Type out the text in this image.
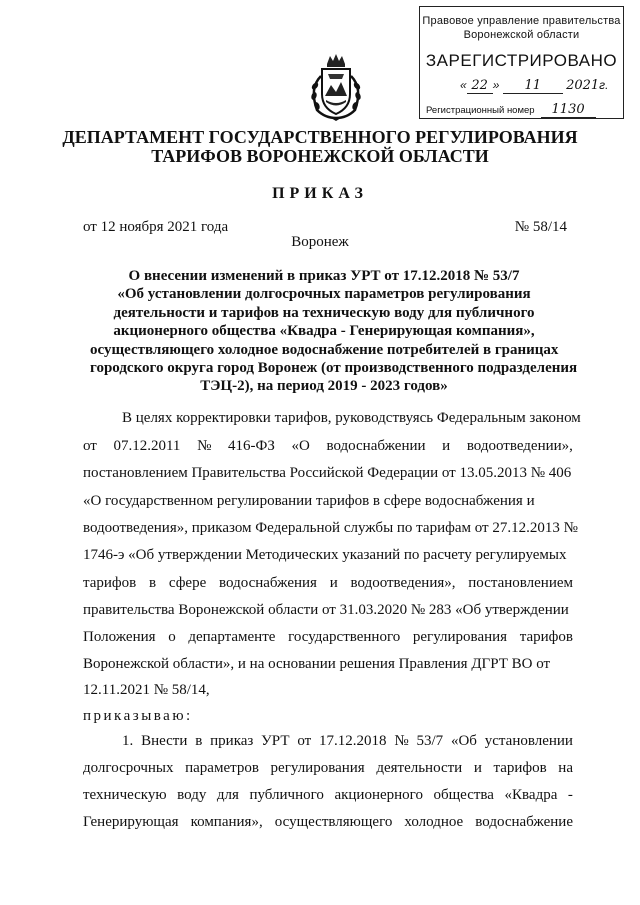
Правовое управление правительства
Воронежской области
ЗАРЕГИСТРИРОВАНО
« 22 » 11 2021г.
Регистрационный номер 1130
ДЕПАРТАМЕНТ ГОСУДАРСТВЕННОГО РЕГУЛИРОВАНИЯ
ТАРИФОВ ВОРОНЕЖСКОЙ ОБЛАСТИ
ПРИКАЗ
от 12 ноября 2021 года	№ 58/14
Воронеж
О внесении изменений в приказ УРТ от 17.12.2018 № 53/7
«Об установлении долгосрочных параметров регулирования
деятельности и тарифов на техническую воду для публичного
акционерного общества «Квадра - Генерирующая компания»,
осуществляющего холодное водоснабжение потребителей в границах
городского округа город Воронеж (от производственного подразделения
ТЭЦ-2), на период 2019 - 2023 годов»
В целях корректировки тарифов, руководствуясь Федеральным законом
от 07.12.2011 № 416-ФЗ «О водоснабжении и водоотведении»,
постановлением Правительства Российской Федерации от 13.05.2013 № 406
«О государственном регулировании тарифов в сфере водоснабжения и
водоотведения», приказом Федеральной службы по тарифам от 27.12.2013 №
1746-э «Об утверждении Методических указаний по расчету регулируемых
тарифов в сфере водоснабжения и водоотведения», постановлением
правительства Воронежской области от 31.03.2020 № 283 «Об утверждении
Положения о департаменте государственного регулирования тарифов
Воронежской области», и на основании решения Правления ДГРТ ВО от
12.11.2021 № 58/14,
приказываю:
1. Внести в приказ УРТ от 17.12.2018 № 53/7 «Об установлении
долгосрочных параметров регулирования деятельности и тарифов на
техническую воду для публичного акционерного общества «Квадра -
Генерирующая компания», осуществляющего холодное водоснабжение
